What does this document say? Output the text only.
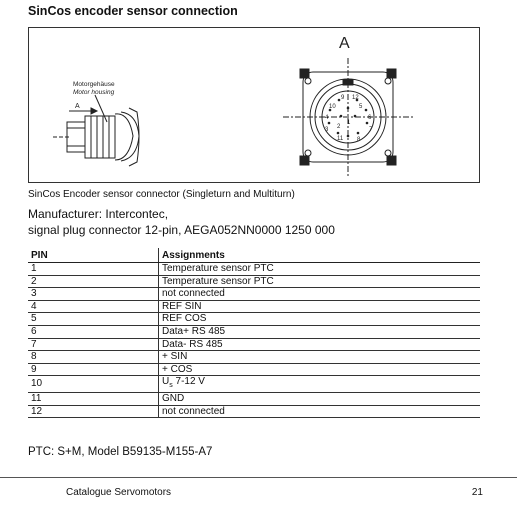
SinCos encoder sensor connection
Motorgehäuse
Motor housing
A
A
1
2
3
4
5
6
7
8
9
10
11
12
SinCos Encoder sensor connector (Singleturn and Multiturn)
Manufacturer: Intercontec,
signal plug connector 12-pin, AEGA052NN0000 1250 000
PIN	Assignments
1	Temperature sensor PTC
2	Temperature sensor PTC
3	not connected
4	REF SIN
5	REF COS
6	Data+ RS 485
7	Data- RS 485
8	+ SIN
9	+ COS
10	$U_s$ 7-12 V
11	GND
12	not connected
PTC: S+M, Model B59135-M155-A7
Catalogue Servomotors	21
